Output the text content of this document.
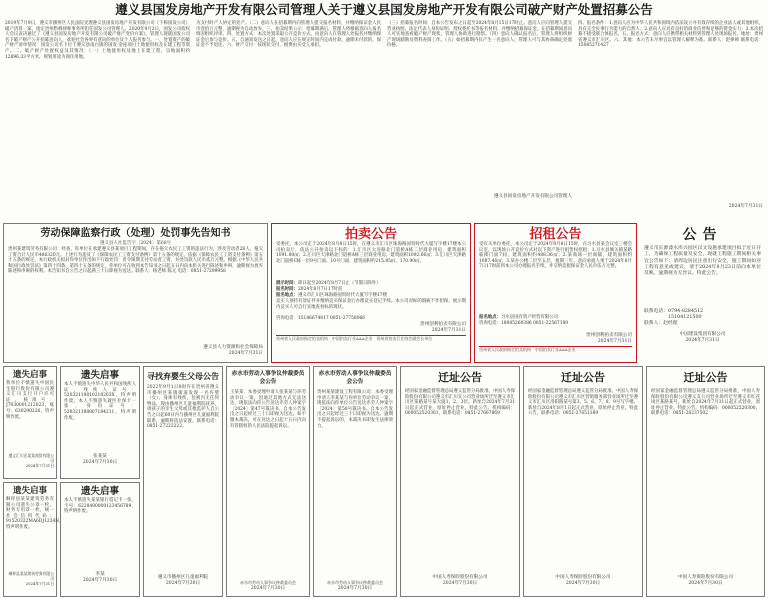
遵义县国发房地产开发有限公司管理人关于遵义县国发房地产开发有限公司破产财产处置招募公告
2019年7月9日，遵义市播州区人民法院受理遵义县国发房地产开发有限公司（下称国发公司）破产清算一案，指定贵州黔峰律师事务所担任国发公司管理人。2020年9月2日，国发公司债权人会议表决通过了《遵义县国发房地产开发有限公司破产财产变价方案》，管理人现就国发公司名下破产财产公开招募意向人，欢迎社会各界有意向的单位及个人报名参与。一、处置资产的破产财产清单情况：国发公司名下位于遵义县南白镇的国发·金座项目土地使用权及在建工程等资产。二、破产财产处置权益及其情况：（一）土地使用权及地上在建工程，宗地面积约12896.33平方米，规划用途为商住用地。
为支付时产人协定的处产。（二）意向人在招募期内向管理人提交报名材料，并缴纳保证金人民币壹佰万元整，逾期视为自动放弃。三、拍卖结果公示：招募期满后，管理人将根据意向人报名情况组织评审。四、处置方式：本次处置采取公开竞价方式，由意向人在管理人处报名并缴纳保证金后参与竞价。五、自通知发送之日起，意向人应在规定时间内完成付款，逾期未付款的，保证金不予退还。六、财产交付：按现状交付，税费由买受人承担。
（三）招募报名时间：自本公告发布之日起至2024年8月15日17时止。意向人应向管理人提交营业执照、法定代表人身份证明、授权委托书等报名材料，并缴纳招募保证金。在招募期间意向人可实地查看破产财产现状，管理人协助进行勘察。（四）意向人确认报名后，管理人将组织财产现场踏勘及资料查阅工作。（五）如招募期内仅产生一名意向人，管理人可与其协商确定处置价格。
遵义县国发房地产开发有限公司管理人
四、报名条件：1.意向人应为中华人民共和国境内依法设立并有效存续的企业法人或其他组织，具有完全民事行为能力的自然人；2.意向人应具有良好的商业信誉和足够的资金实力；3.本次招募不接受联合体报名。五、报名方式：意向人应携带相关材料到管理人处现场报名，地址：贵州省遵义市汇川区。六、其他：本公告未尽事宜以管理人解释为准。联系人：赵律师 联系电话：15085271427
2024年7月31日
劳动保障监察行政（处理）处罚事先告知书
遵义县人社监告字〔2024〕第68号
贵州某建筑劳务有限公司：经查，你单位在承建遵义县某项目工程期间，存在拖欠农民工工资的违法行为，涉及劳动者28人，拖欠工资合计人民币486320元。上述行为违反了《保障农民工工资支付条例》第十五条的规定。依据《保障农民工工资支付条例》第五十五条的规定，本行政机关拟对你单位作出如下行政处罚：责令限期支付劳动者工资，并处罚款人民币贰万元整。根据《中华人民共和国行政处罚法》第四十四条、第四十五条的规定，你单位可在收到本告知书之日起五日内向本机关进行陈述和申辩，逾期视为放弃陈述和申辩的权利。本告知书自公告之日起满三十日即视为送达。联系人：杨老师 陈元 电话：0851-27299958
遵义县人力资源和社会保障局
2024年7月31日
拍卖公告
受委托，本公司定于2024年8月8日15时，在遵义市汇川区珠海路国贸时代大厦写字楼17楼本公司拍卖厅，依法公开拍卖以下标的：1.汇川区大连路北门道桥A栋二层商业用房，建筑面积1091.80㎡；2.汇川区天津路北门道桥A栋三层商业用房，建筑面积1092.66㎡；3.汇川区天津路北门道桥C栋一层9号门面、10号门面，建筑面积约215.85㎡、170.90㎡。
展示时间：即日起至2024年8月7日止（节假日除外）
报名时间：2024年8月7日17时前
报名地点：遵义市汇川区珠海路国贸时代大厦写字楼17楼
竞买人须持有效证件并缴纳竞买保证金后办理竞买登记手续。本公司对标的瑕疵不作担保，展示期内竞买人可自行实地查看标的现状。
咨询电话：15186674817 0851-27758066
贵州创利拍卖有限公司
2024年7月31日
贵州省人民政府指定拍卖机构 · 中国拍卖行业AAA企业 · 贵州省拍卖行业协会副会长单位
招租公告
受有关单位委托，本公司定于2024年8月8日15时，在习水县某会议室三楼会议室，以现场公开竞价方式对以下资产进行租赁权招租：1.习水县城关镇某路临街门面7间，建筑面积约488.36㎡；2.某商场一层商铺，建筑面积约1087.46㎡；3.某办公楼二层至五层，租期三年。意向承租人须于2024年8月7日17时前到本公司办理报名手续，并交纳竞租保证金人民币伍万元整。
报名地点：习水县国有资产经营有限公司
咨询电话：18985260386 0851-22567189
贵州创利拍卖有限公司
2024年7月31日
贵州省人民政府指定拍卖机构 · 中国拍卖行业AAA企业
公告
遵义市长源漆水库兴园区汉文设施承建项目拟于近日开工，为确保工程质量及安全，现就工程施工期间相关事宜公告如下：请周边居民注意出行安全，施工期间如对工程有意见或建议，请于2024年8月23日前向本单位反映。逾期视为无异议。特此公告。
联系电话：0794-8284512
15104121500
联系人：赵经理
中国建设集团有限公司
2024年7月31日
遗失启事
我单位不慎遗失中国民生银行股份有限公司遵义汇川支行开户许可证，核准号：J7030001212023，账号：630290226，特声明作废。
遵义汇川区某某商贸有限公司
2024年7月31日
遗失启事
桐梓县某某建筑劳务有限公司遗失公章一枚、财务专用章一枚，统一社会信用代码：91520322MA6DJ1234N，特声明作废。
桐梓县某某建筑劳务有限公司
2024年7月31日
遗失启事
本人不慎遗失中华人民共和国残疾人证，残疾人证号：52032119810218203X，特声明作废。本人不慎遗失就医社保卡一张，身份证号：520321198807184211，特声明作废。
张某某
2024年7月30日
遗失启事
本人不慎遗失某某银行借记卡一张，卡号：6228480000123456789，特声明作废。
李某
2024年7月30日
寻找弃婴生父母公告
2022年9月1日8时许在贵州省遵义市播州区某镇街道发现一名弃婴（女），身体有残疾，包被内无任何物品，现由播州区儿童福利院抚养。请孩子的亲生父母或其他监护人自公告之日起60日内与播州区儿童福利院联系，逾期将依法安置。联系电话：0851-27222222。
遵义市播州区儿童福利院
2024年7月30日
赤水市劳动人事争议仲裁委员会公告
王某某：本委受理申请人张某某与你劳动争议一案，因通过其他方式无法送达，现依法向你公告送达赤劳人仲案字〔2024〕第47号裁决书。自本公告发出之日起经过三十日即视为送达。如不服本裁决，可在送达之日起十五日内向有管辖权的人民法院提起诉讼。
赤水市劳动人事争议仲裁委员会
2024年7月30日
赤水市劳动人事争议仲裁委员会公告
贵州某某建设工程有限公司：本委受理申请人李某某与你单位劳动争议一案，现依法向你单位公告送达赤劳人仲案字〔2024〕第50号裁决书。自本公告发出之日起经过三十日即视为送达。逾期不提起诉讼的，本裁决书即发生法律效力。
赤水市劳动人事争议仲裁委员会
2024年7月30日
迁址公告
经国家金融监督管理总局遵义监管分局批准，中国人寿保险股份有限公司遵义市汇川支公司营业场所迁至遵义市汇川区某路某号某大厦1、2、3层。新址自2024年7月31日起正式营业，原址停止营业。特此公告。机构编码：000052520301，联系电话：0851-27667869
中国人寿保险股份有限公司
2024年7月30日
迁址公告
经国家金融监督管理总局遵义监管分局批准，中国人寿保险股份有限公司遵义市汇川区营销服务部营业场所迁至遵义市汇川区洛阳路某号第3、5、6、7、8、9号写字楼。新址自2024年8月1日起正式营业，原址停止营业。特此公告。联系电话：0851-27651189
中国人寿保险股份有限公司
2024年7月30日
迁址公告
经国家金融监督管理总局遵义监管分局批准，中国人寿保险股份有限公司遵义支公司营业场所迁至遵义市红花岗区某路某号。新址自2024年7月31日起正式营业，原址停止营业。特此公告。机构编码：000052520300，联系电话：0851-28237502
中国人寿保险股份有限公司
2024年7月30日
